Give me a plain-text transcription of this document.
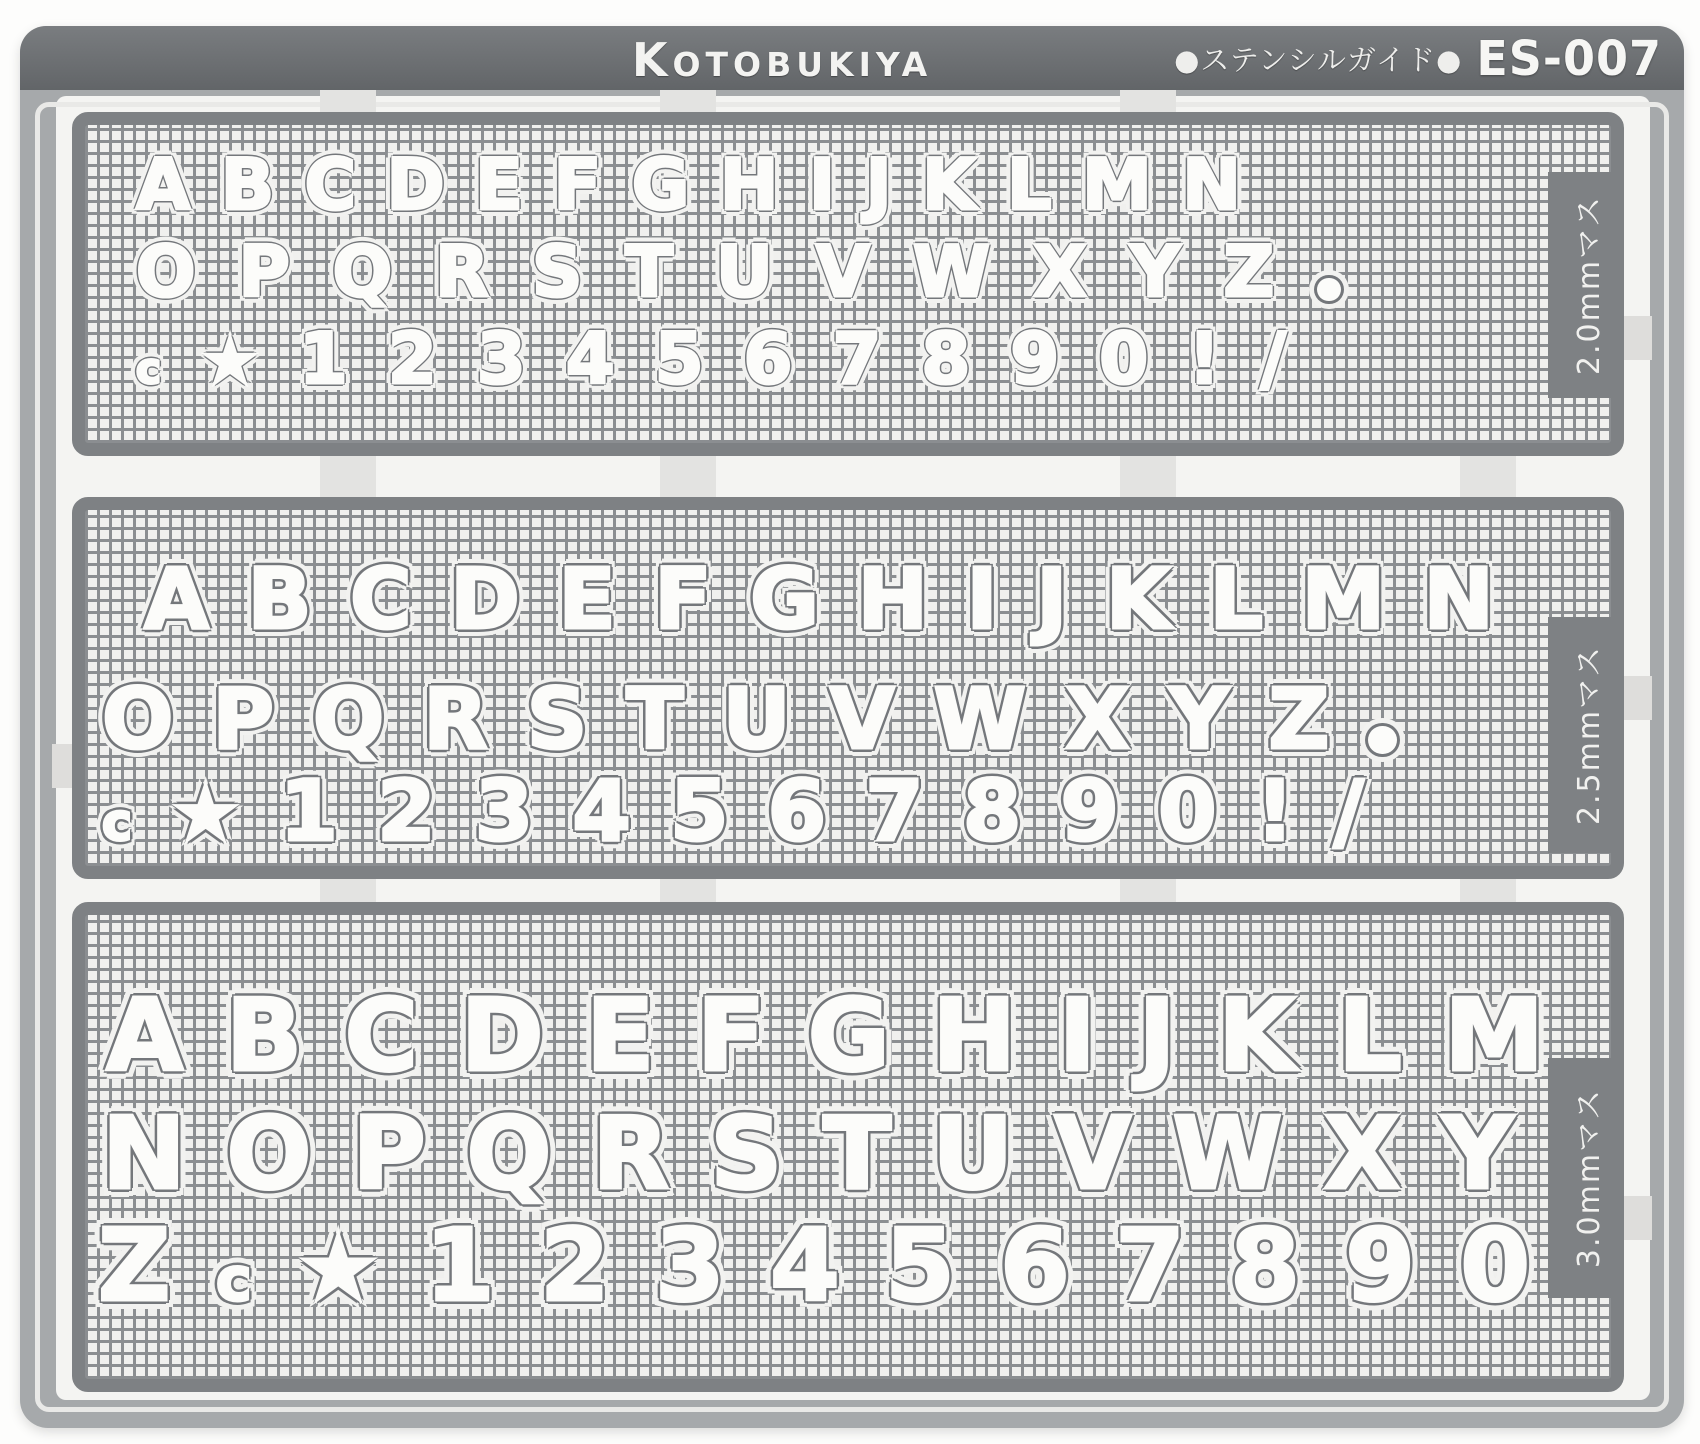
KOTOBUKIYA	●ステンシルガイド● ES-007
A B C D E F G H I J K L M N
O P Q R S T U V W X Y Z
c ★ 1 2 3 4 5 6 7 8 9 0 ! /	2.0mmマス
A B C D E F G H I J K L M N
O P Q R S T U V W X Y Z
c ★ 1 2 3 4 5 6 7 8 9 0 ! /	2.5mmマス
A B C D E F G H I J K L M
N O P Q R S T U V W X Y
Z c ★ 1 2 3 4 5 6 7 8 9 0 3.0mmマス
